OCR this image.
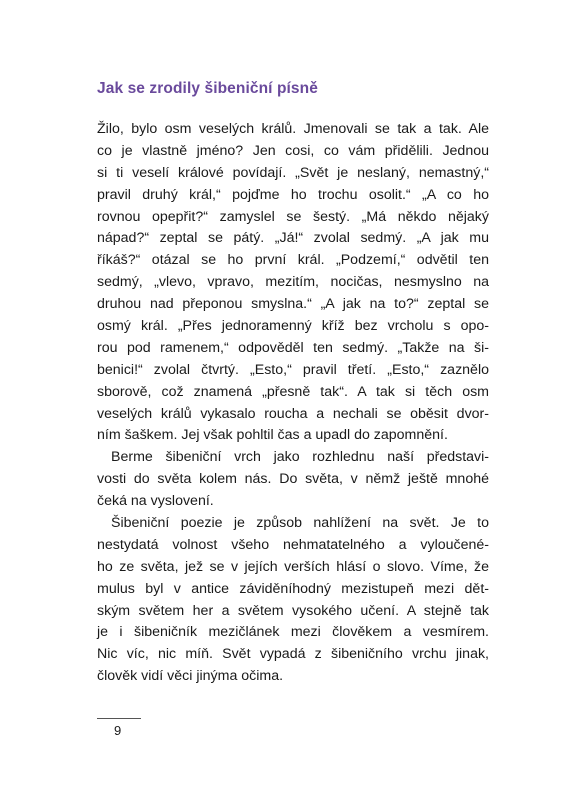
Jak se zrodily šibeniční písně
Žilo, bylo osm veselých králů. Jmenovali se tak a tak. Ale
co je vlastně jméno? Jen cosi, co vám přidělili. Jednou
si ti veselí králové povídají. „Svět je neslaný, nemastný,“
pravil druhý král,“ pojďme ho trochu osolit.“ „A co ho
rovnou opepřit?“ zamyslel se šestý. „Má někdo nějaký
nápad?“ zeptal se pátý. „Já!“ zvolal sedmý. „A jak mu
říkáš?“ otázal se ho první král. „Podzemí,“ odvětil ten
sedmý, „vlevo, vpravo, mezitím, nocičas, nesmyslno na
druhou nad přeponou smyslna.“ „A jak na to?“ zeptal se
osmý král. „Přes jednoramenný kříž bez vrcholu s opo-
rou pod ramenem,“ odpověděl ten sedmý. „Takže na ši-
benici!“ zvolal čtvrtý. „Esto,“ pravil třetí. „Esto,“ zaznělo
sborově, což znamená „přesně tak“. A tak si těch osm
veselých králů vykasalo roucha a nechali se oběsit dvor-
ním šaškem. Jej však pohltil čas a upadl do zapomnění.
Berme šibeniční vrch jako rozhlednu naší představi-
vosti do světa kolem nás. Do světa, v němž ještě mnohé
čeká na vyslovení.
Šibeniční poezie je způsob nahlížení na svět. Je to
nestydatá volnost všeho nehmatatelného a vyloučené-
ho ze světa, jež se v jejích verších hlásí o slovo. Víme, že
mulus byl v antice záviděníhodný mezistupeň mezi dět-
ským světem her a světem vysokého učení. A stejně tak
je i šibeničník mezičlánek mezi člověkem a vesmírem.
Nic víc, nic míň. Svět vypadá z šibeničního vrchu jinak,
člověk vidí věci jinýma očima.
9
